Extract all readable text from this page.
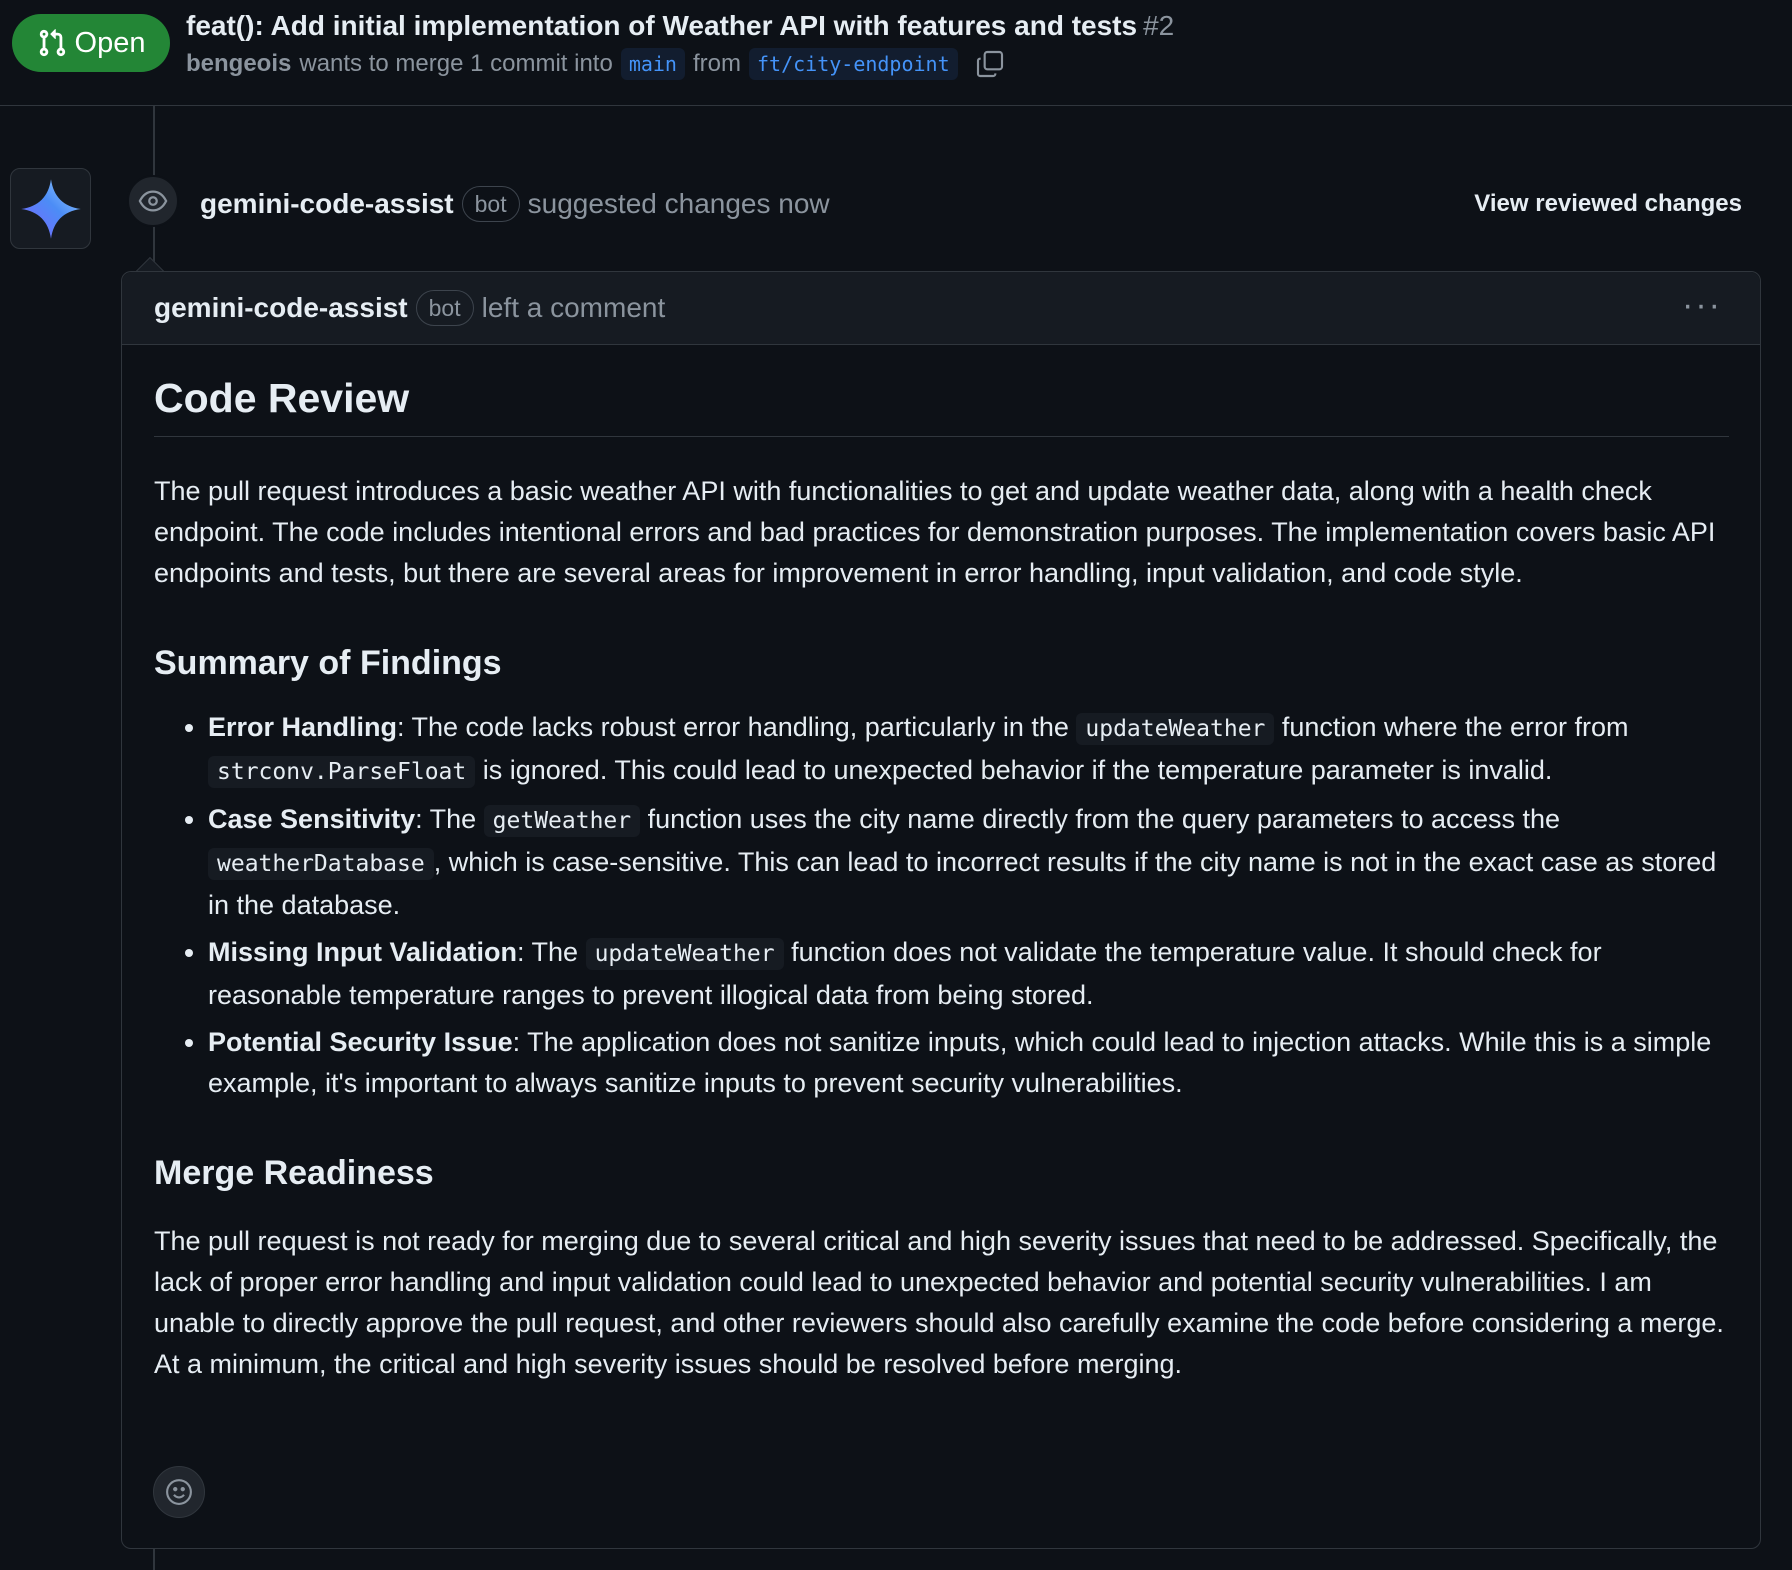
Open
feat(): Add initial implementation of Weather API with features and tests #2
bengeois wants to merge 1 commit into main from ft/city-endpoint
gemini-code-assist bot suggested changes now	View reviewed changes
gemini-code-assist bot left a comment	···
Code Review

The pull request introduces a basic weather API with functionalities to get and update weather data, along with a health check endpoint. The code includes intentional errors and bad practices for demonstration purposes. The implementation covers basic API endpoints and tests, but there are several areas for improvement in error handling, input validation, and code style.

Summary of Findings
• Error Handling: The code lacks robust error handling, particularly in the updateWeather function where the error from strconv.ParseFloat is ignored. This could lead to unexpected behavior if the temperature parameter is invalid.
• Case Sensitivity: The getWeather function uses the city name directly from the query parameters to access the weatherDatabase , which is case-sensitive. This can lead to incorrect results if the city name is not in the exact case as stored in the database.
• Missing Input Validation: The updateWeather function does not validate the temperature value. It should check for reasonable temperature ranges to prevent illogical data from being stored.
• Potential Security Issue: The application does not sanitize inputs, which could lead to injection attacks. While this is a simple example, it's important to always sanitize inputs to prevent security vulnerabilities.
Merge Readiness

The pull request is not ready for merging due to several critical and high severity issues that need to be addressed. Specifically, the lack of proper error handling and input validation could lead to unexpected behavior and potential security vulnerabilities. I am unable to directly approve the pull request, and other reviewers should also carefully examine the code before considering a merge. At a minimum, the critical and high severity issues should be resolved before merging.
